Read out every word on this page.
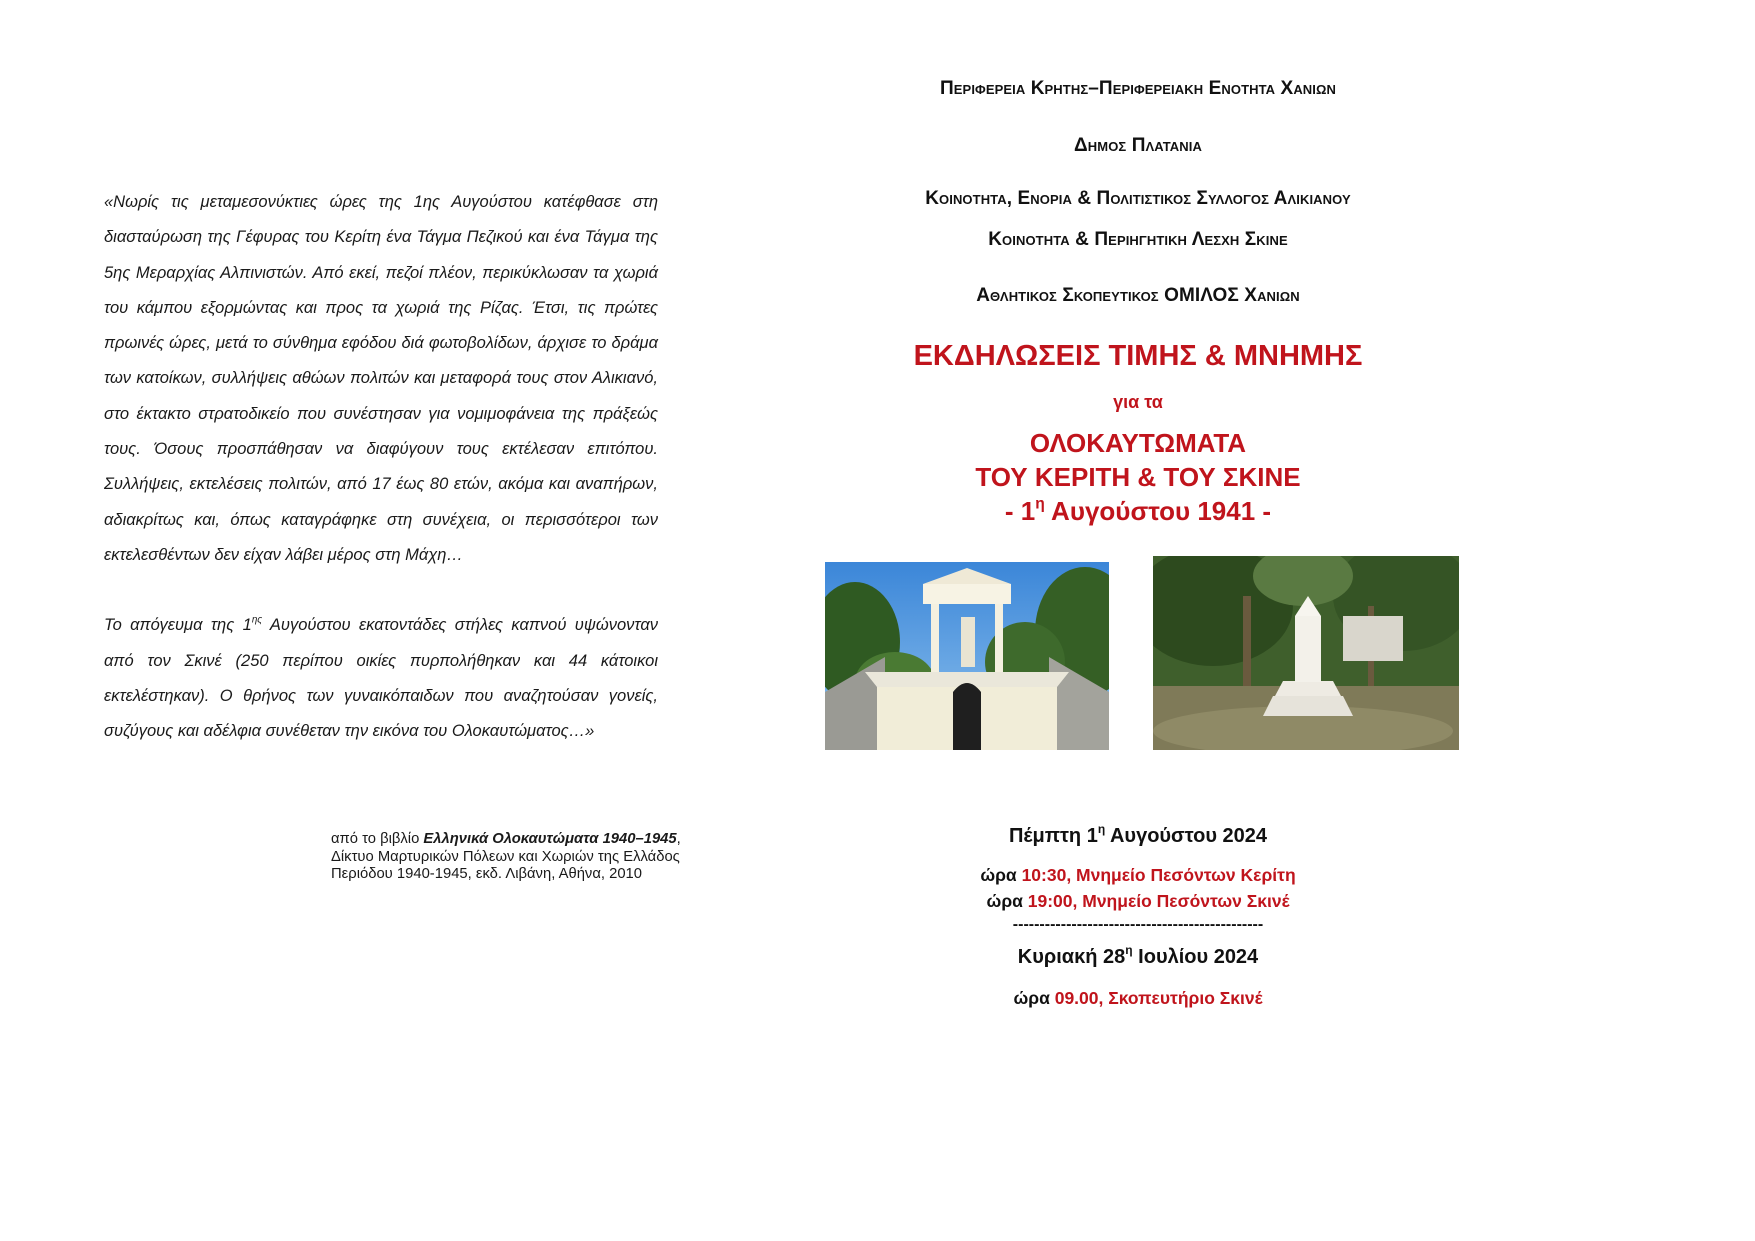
«Νωρίς τις μεταμεσονύκτιες ώρες της 1ης Αυγούστου κατέφθασε στη διασταύρωση της Γέφυρας του Κερίτη ένα Τάγμα Πεζικού και ένα Τάγμα της 5ης Μεραρχίας Αλπινιστών. Από εκεί, πεζοί πλέον, περικύκλωσαν τα χωριά του κάμπου εξορμώντας και προς τα χωριά της Ρίζας. Έτσι, τις πρώτες πρωινές ώρες, μετά το σύνθημα εφόδου διά φωτοβολίδων, άρχισε το δράμα των κατοίκων, συλλήψεις αθώων πολιτών και μεταφορά τους στον Αλικιανό, στο έκτακτο στρατοδικείο που συνέστησαν για νομιμοφάνεια της πράξεώς τους. Όσους προσπάθησαν να διαφύγουν τους εκτέλεσαν επιτόπου. Συλλήψεις, εκτελέσεις πολιτών, από 17 έως 80 ετών, ακόμα και αναπήρων, αδιακρίτως και, όπως καταγράφηκε στη συνέχεια, οι περισσότεροι των εκτελεσθέντων δεν είχαν λάβει μέρος στη Μάχη…

Το απόγευμα της $1^{\eta\varsigma}$ Αυγούστου εκατοντάδες στήλες καπνού υψώνονταν από τον Σκινέ (250 περίπου οικίες πυρπολήθηκαν και 44 κάτοικοι εκτελέστηκαν). Ο θρήνος των γυναικόπαιδων που αναζητούσαν γονείς, συζύγους και αδέλφια συνέθεταν την εικόνα του Ολοκαυτώματος…»

από το βιβλίο Ελληνικά Ολοκαυτώματα 1940–1945,
Δίκτυο Μαρτυρικών Πόλεων και Χωριών της Ελλάδος
Περιόδου 1940-1945, εκδ. Λιβάνη, Αθήνα, 2010
Περιφερεια Κρητησ–Περιφερειακη Ενοτητα Χανιων
Δημοσ Πλατανια
Κοινοτητα, Ενορια & Πολιτιστικοσ Συλλογοσ Αλικιανου
Κοινοτητα & Περιηγητικη Λεσχη Σκινε
Αθλητικοσ Σκοπευτικοσ ΟΜΙΛΟΣ Χανιων
ΕΚΔΗΛΩΣΕΙΣ ΤΙΜΗΣ & ΜΝΗΜΗΣ
για τα
ΟΛΟΚΑΥΤΩΜΑΤΑ
ΤΟΥ ΚΕΡΙΤΗ & ΤΟΥ ΣΚΙΝΕ
- $1^\eta$ Αυγούστου 1941 -
Πέμπτη $1^\eta$ Αυγούστου 2024
ώρα 10:30, Μνημείο Πεσόντων Κερίτη
ώρα 19:00, Μνημείο Πεσόντων Σκινέ
-----------------------------------------------
Κυριακή $28^\eta$ Ιουλίου 2024
ώρα 09.00, Σκοπευτήριο Σκινέ
